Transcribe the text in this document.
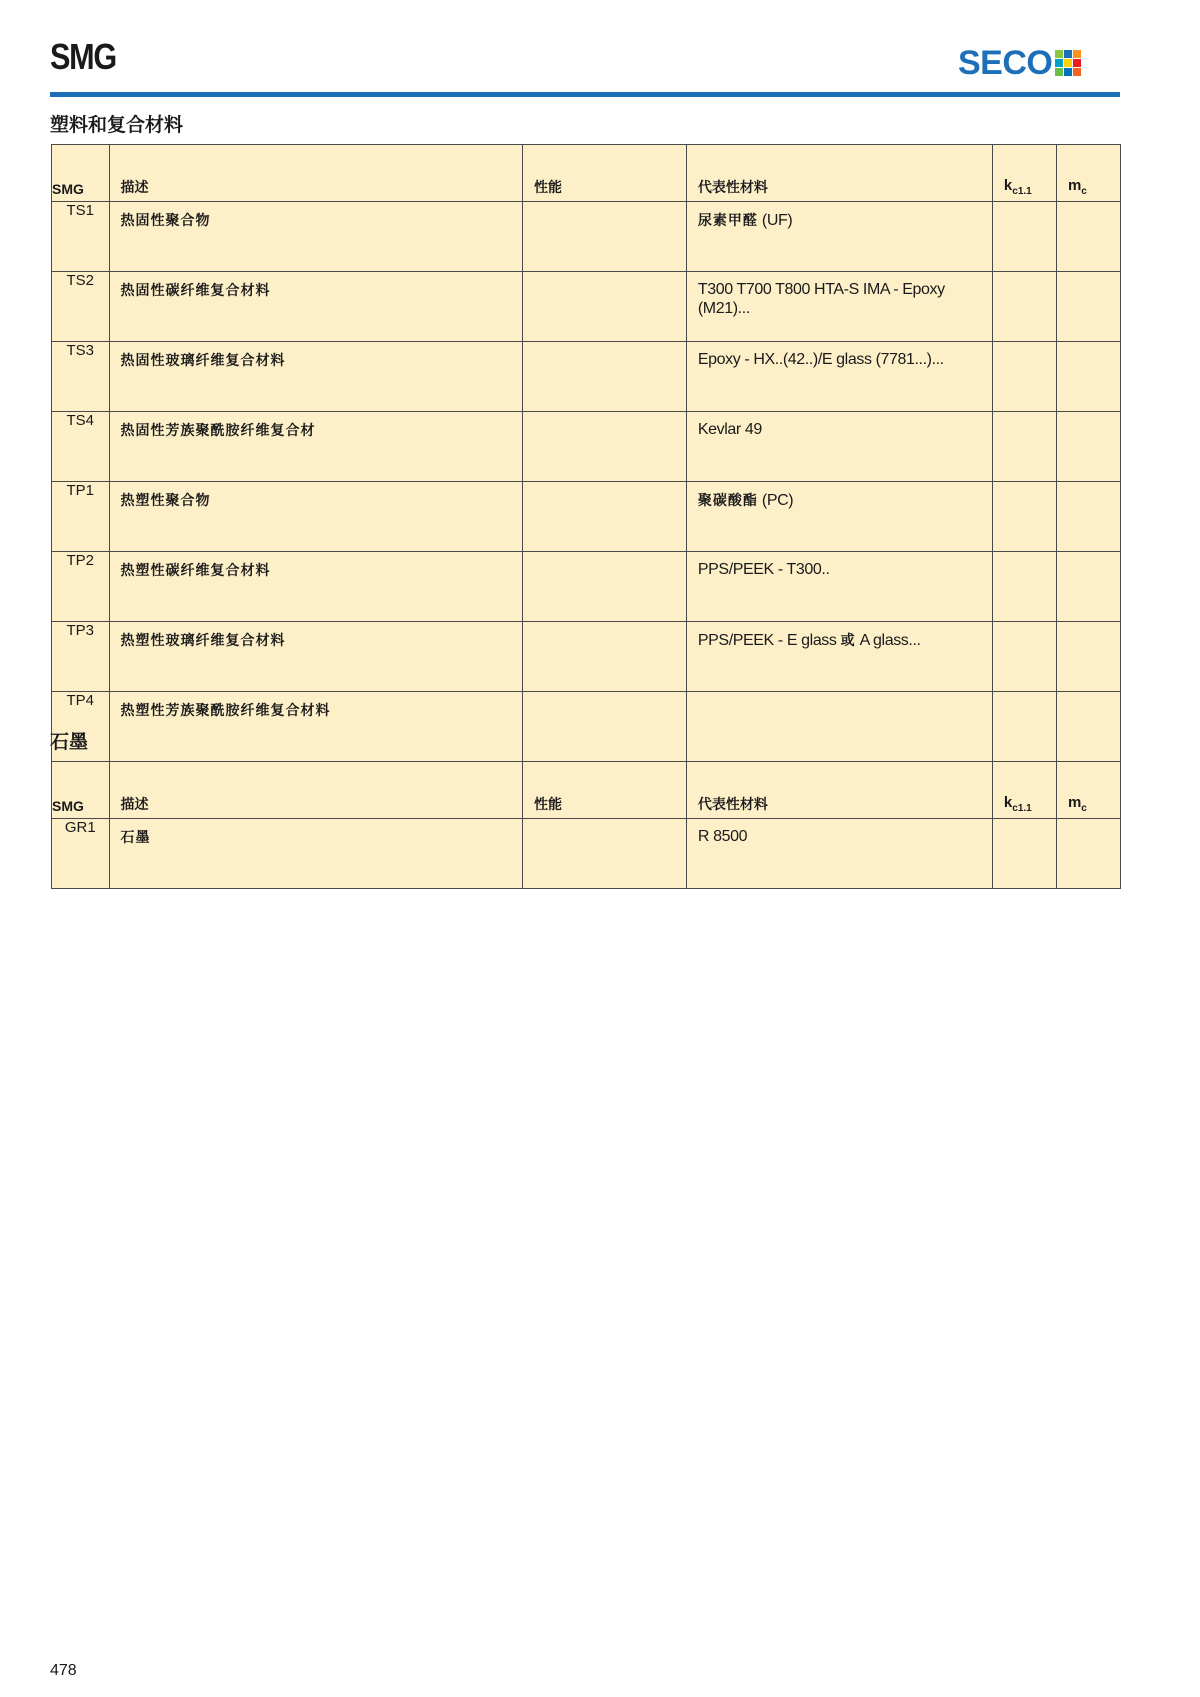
SMG	SECO
塑料和复合材料
SMG	描述	性能	代表性材料	$k_{c1.1}$	$m_c$
TS1	热固性聚合物		尿素甲醛 (UF)		

TS2	热固性碳纤维复合材料		T300 T700 T800 HTA-S IMA - Epoxy (M21)...		

TS3	热固性玻璃纤维复合材料		Epoxy - HX..(42..)/E glass (7781...)...		

TS4	热固性芳族聚酰胺纤维复合材		Kevlar 49		

TP1	热塑性聚合物		聚碳酸酯 (PC)		

TP2	热塑性碳纤维复合材料		PPS/PEEK - T300..		

TP3	热塑性玻璃纤维复合材料		PPS/PEEK - E glass 或 A glass...		

TP4	热塑性芳族聚酰胺纤维复合材料				

石墨
SMG	描述	性能	代表性材料	$k_{c1.1}$	$m_c$
GR1	石墨		R 8500		

478
